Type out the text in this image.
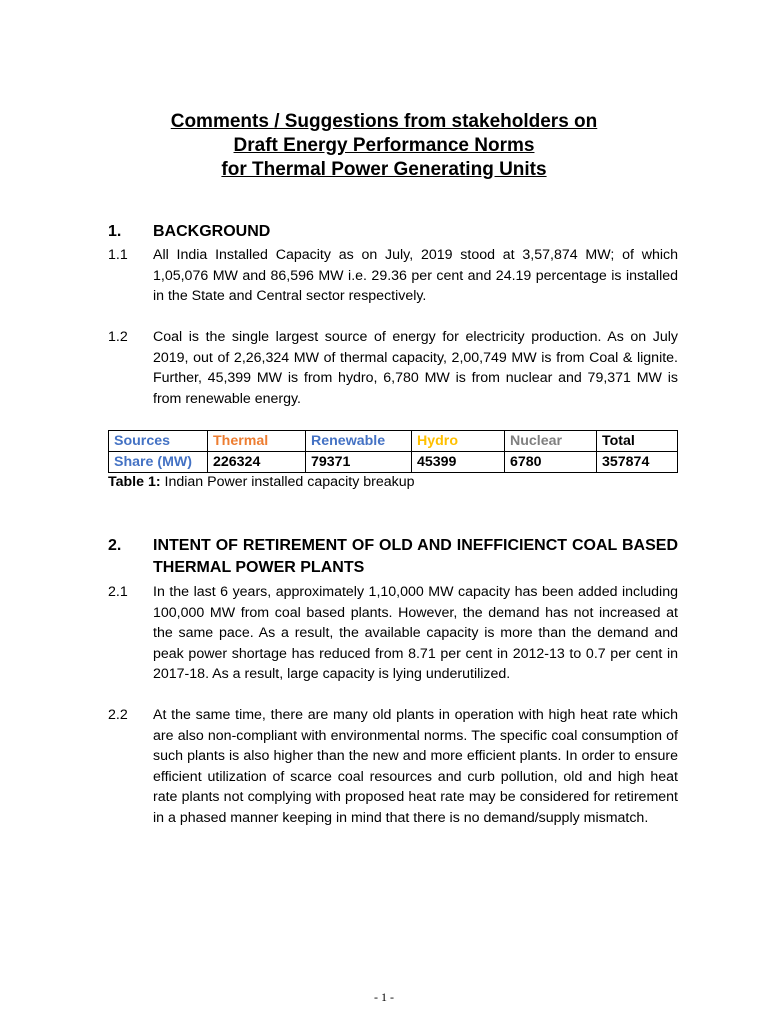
Comments / Suggestions from stakeholders on
Draft Energy Performance Norms
for Thermal Power Generating Units
1. BACKGROUND
1.1 All India Installed Capacity as on July, 2019 stood at 3,57,874 MW; of which 1,05,076 MW and 86,596 MW i.e. 29.36 per cent and 24.19 percentage is installed in the State and Central sector respectively.
1.2 Coal is the single largest source of energy for electricity production. As on July 2019, out of 2,26,324 MW of thermal capacity, 2,00,749 MW is from Coal & lignite. Further, 45,399 MW is from hydro, 6,780 MW is from nuclear and 79,371 MW is from renewable energy.
Sources	Thermal	Renewable	Hydro	Nuclear	Total
Share (MW)	226324	79371	45399	6780	357874
Table 1: Indian Power installed capacity breakup
2. INTENT OF RETIREMENT OF OLD AND INEFFICIENCT COAL BASED THERMAL POWER PLANTS
2.1 In the last 6 years, approximately 1,10,000 MW capacity has been added including 100,000 MW from coal based plants. However, the demand has not increased at the same pace. As a result, the available capacity is more than the demand and peak power shortage has reduced from 8.71 per cent in 2012-13 to 0.7 per cent in 2017-18. As a result, large capacity is lying underutilized.
2.2 At the same time, there are many old plants in operation with high heat rate which are also non-compliant with environmental norms. The specific coal consumption of such plants is also higher than the new and more efficient plants. In order to ensure efficient utilization of scarce coal resources and curb pollution, old and high heat rate plants not complying with proposed heat rate may be considered for retirement in a phased manner keeping in mind that there is no demand/supply mismatch.
- 1 -
